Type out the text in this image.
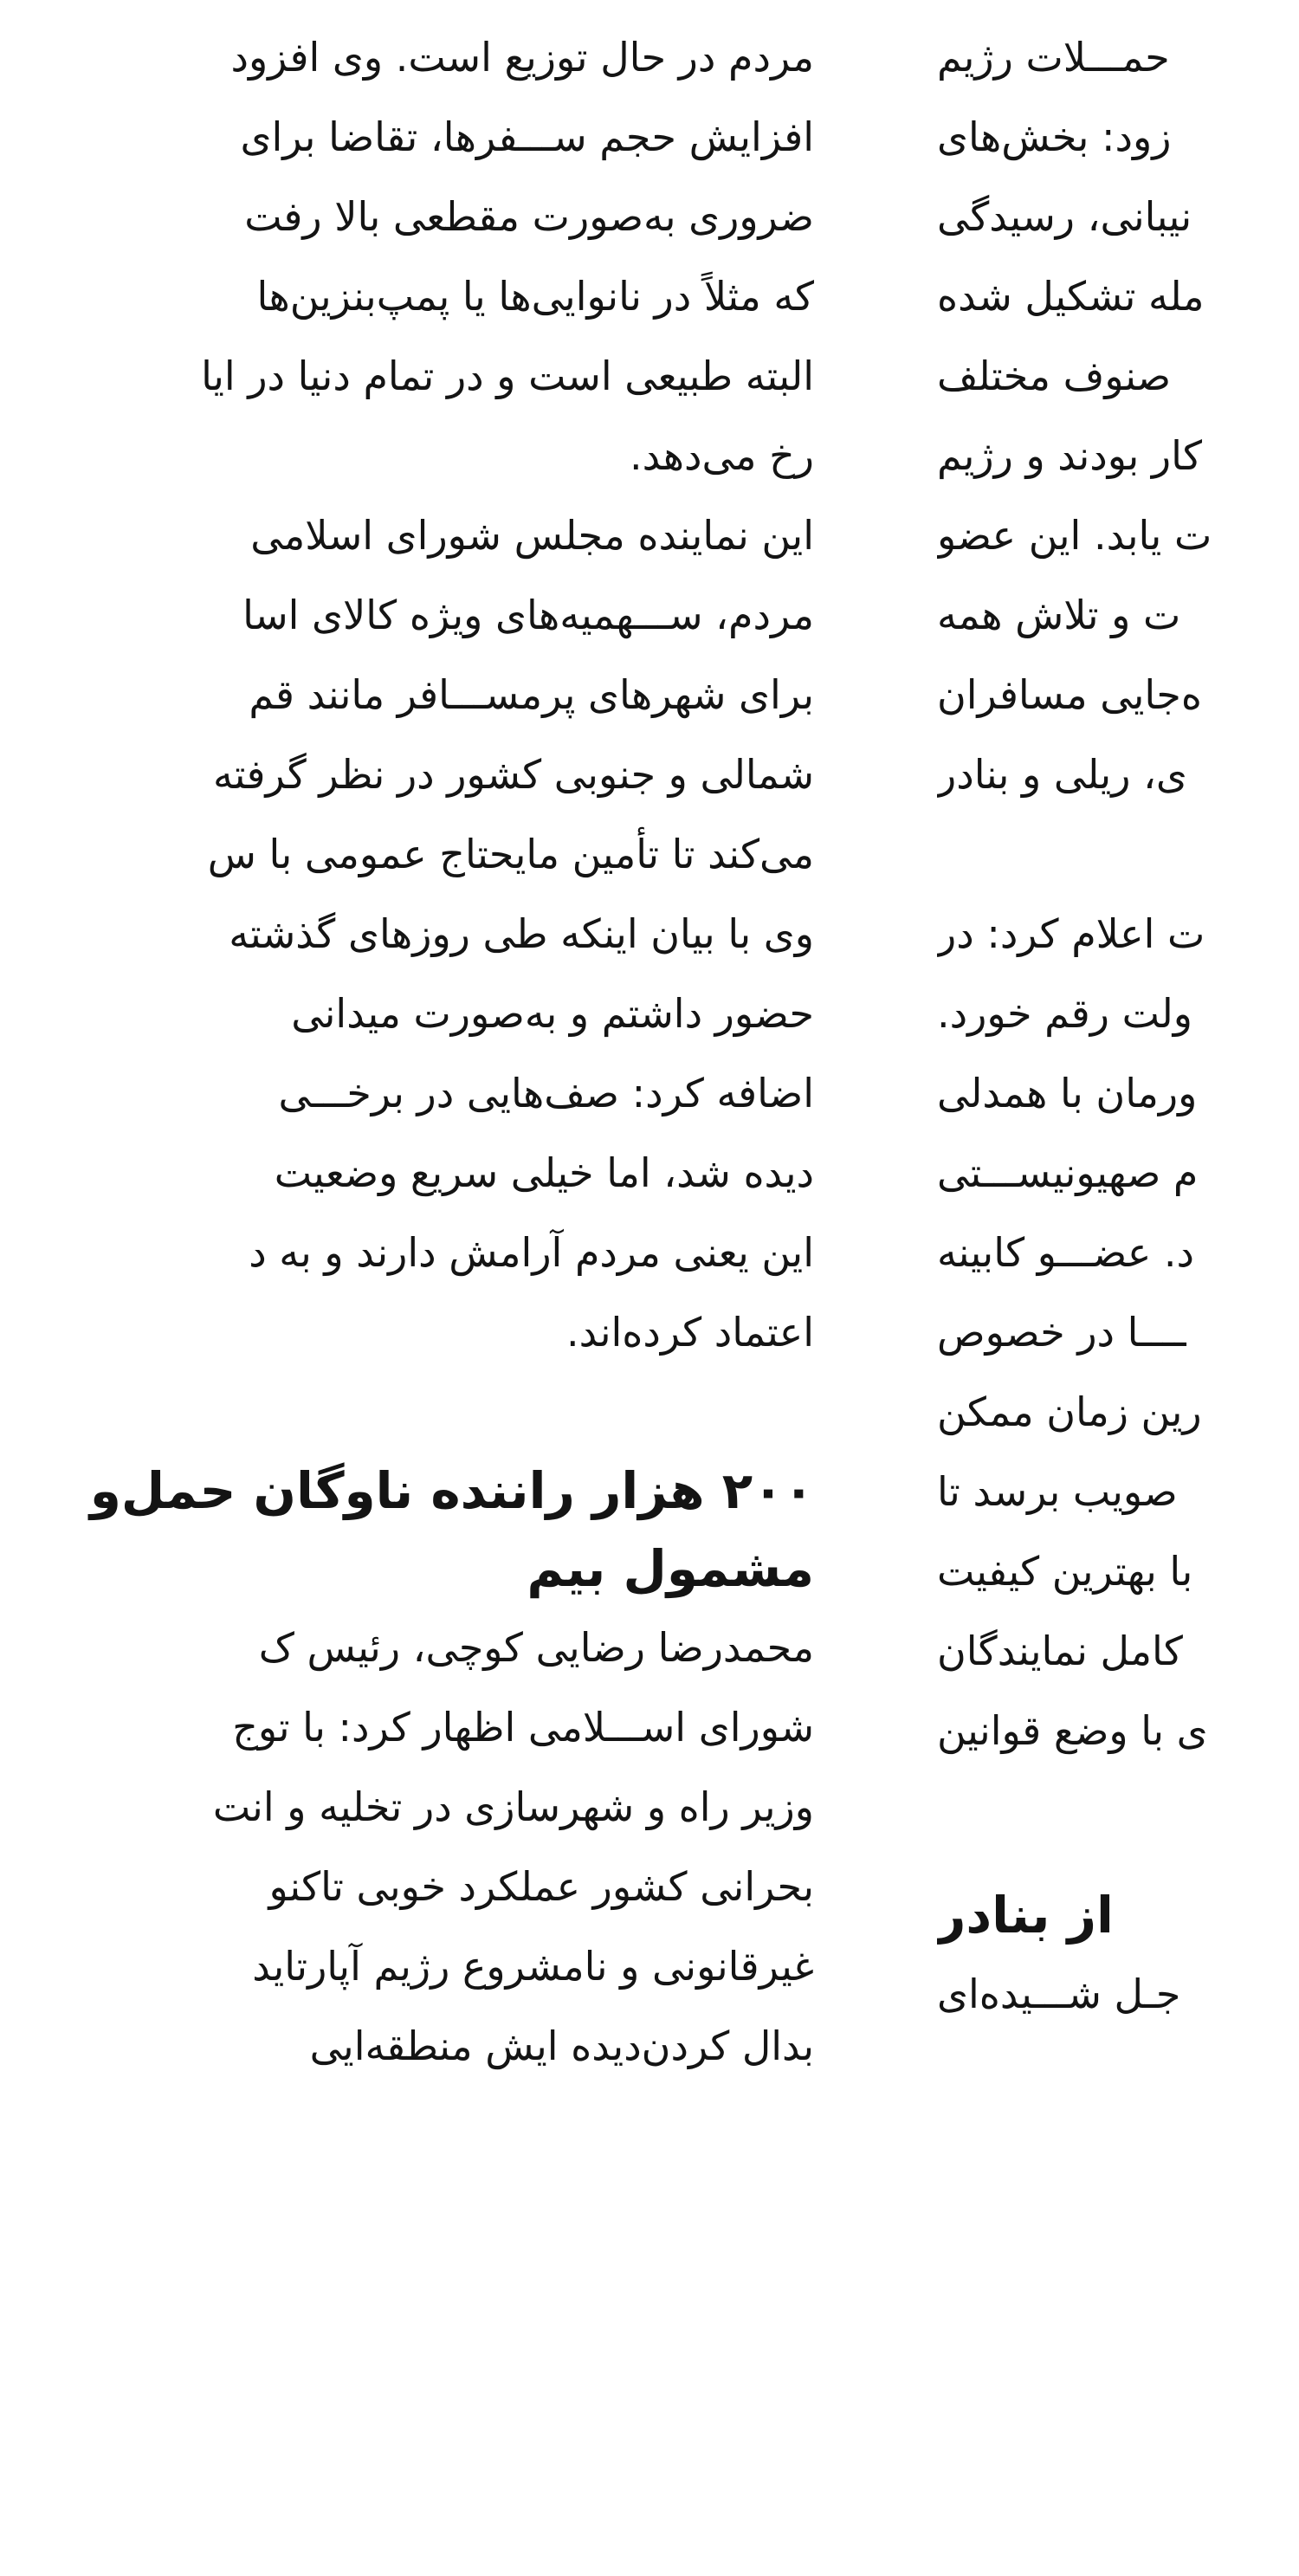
مردم در حال توزیع است. وی افزود
افزایش حجم ســـفرها، تقاضا برای
ضروری به‌صورت مقطعی بالا رفت
که مثلاً در نانوایی‌ها یا پمپ‌بنزین‌ها
البته طبیعی است و در تمام دنیا در ایا
رخ می‌دهد.
این نماینده مجلس شورای اسلامی
مردم، ســـهمیه‌های ویژه کالای اسا
برای شهرهای پرمســـافر مانند قم
شمالی و جنوبی کشور در نظر گرفته
می‌کند تا تأمین مایحتاج عمومی با س
وی با بیان اینکه طی روزهای گذشته
حضور داشتم و به‌صورت میدانی
اضافه کرد: صف‌هایی در برخـــی
دیده شد، اما خیلی سریع وضعیت
این یعنی مردم آرامش دارند و به د
اعتماد کرده‌اند.
۲۰۰ هزار راننده ناوگان حمل‌و
مشمول بیم
محمدرضا رضایی کوچی، رئیس ک
شورای اســـلامی اظهار کرد: با توج
وزیر راه و شهرسازی در تخلیه و انت
بحرانی کشور عملکرد خوبی تاکنو
غیرقانونی و نامشروع رژیم آپارتاید
بدال کردن‌دیده ایش منطقه‌ایی
حمـــلات رژیم
زود: بخش‌های
نیبانی، رسیدگی
مله تشکیل شده
صنوف مختلف
کار بودند و رژیم
ت یابد. این عضو
ت و تلاش همه
ه‌جایی مسافران
ی، ریلی و بنادر
ت اعلام کرد: در
ولت رقم خورد.
ورمان با همدلی
م صهیونیســـتی
د. عضـــو کابینه
ــــا در خصوص
رین زمان ممکن
صویب برسد تا
با بهترین کیفیت
کامل نمایندگان
ی با وضع قوانین
از بنادر
جـل شـــیده‌ای
